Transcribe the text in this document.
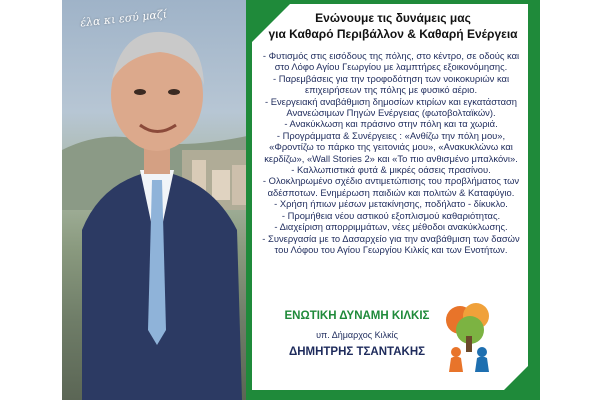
έλα κι εσύ μαζί	Ενώνουμε τις δυνάμεις μας
για Καθαρό Περιβάλλον & Καθαρή Ενέργεια
- Φυτισμός στις εισόδους της πόλης, στο κέντρο, σε οδούς και
στο Λόφο Αγίου Γεωργίου με λαμπτήρες εξοικονόμησης.
- Παρεμβάσεις για την τροφοδότηση των νοικοκυριών και
επιχειρήσεων της πόλης με φυσικό αέριο.
- Ενεργειακή αναβάθμιση δημοσίων κτιρίων και εγκατάσταση
Ανανεώσιμων Πηγών Ενέργειας (φωτοβολταϊκών).
- Ανακύκλωση και πράσινο στην πόλη και τα χωριά.
- Προγράμματα & Συνέργειες : «Ανθίζω την πόλη μου»,
«Φροντίζω το πάρκο της γειτονιάς μου», «Ανακυκλώνω και
κερδίζω», «Wall Stories 2» και «Το πιο ανθισμένο μπαλκόνι».
- Καλλωπιστικά φυτά & μικρές οάσεις πρασίνου.
- Ολοκληρωμένο σχέδιο αντιμετώπισης του προβλήματος των
αδέσποτων. Ενημέρωση παιδιών και πολιτών & Καταφύγιο.
- Χρήση ήπιων μέσων μετακίνησης, ποδήλατο - δίκυκλο.
- Προμήθεια νέου αστικού εξοπλισμού καθαριότητας.
- Διαχείριση απορριμμάτων, νέες μέθοδοι ανακύκλωσης.
- Συνεργασία με το Δασαρχείο για την αναβάθμιση των δασών
του Λόφου του Αγίου Γεωργίου Κιλκίς και των Ενοτήτων.
ΕΝΩΤΙΚΗ ΔΥΝΑΜΗ ΚΙΛΚΙΣ
υπ. Δήμαρχος Κιλκίς
ΔΗΜΗΤΡΗΣ ΤΣΑΝΤΑΚΗΣ
